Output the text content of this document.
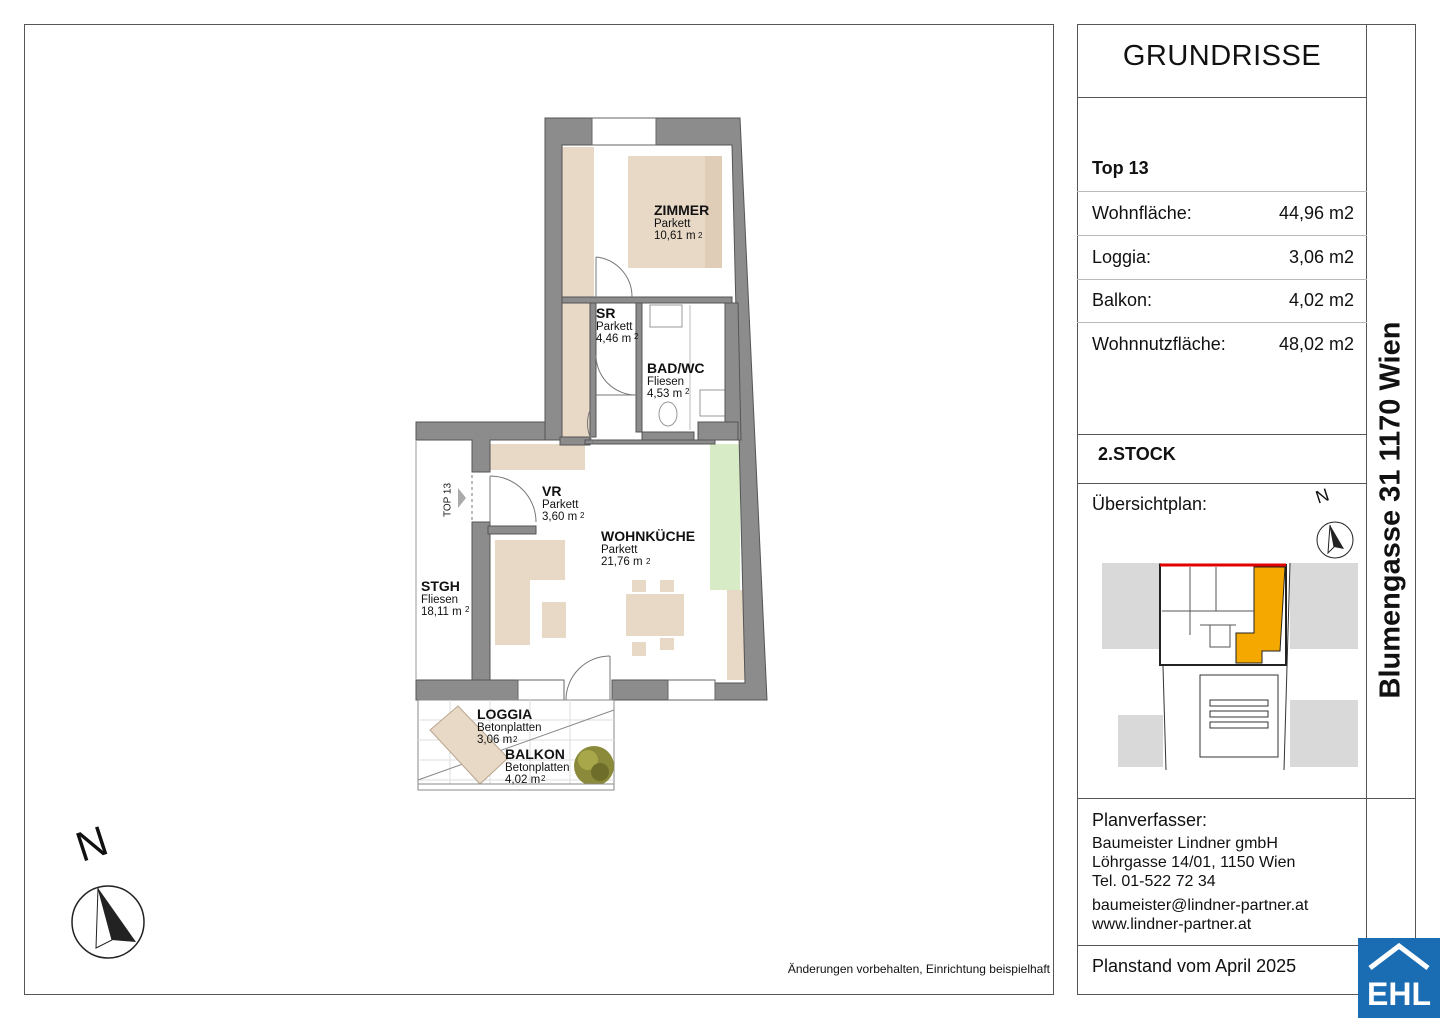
2
2
2
2
2
2
2
2
ZIMMER
Parkett
10,61 m
SR
Parkett
4,46 m
BAD/WC
Fliesen
4,53 m
VR
Parkett
3,60 m
WOHNKÜCHE
Parkett
21,76 m
STGH
Fliesen
18,11 m
LOGGIA
Betonplatten
3,06 m
BALKON
Betonplatten
4,02 m
TOP 13
N
Änderungen vorbehalten, Einrichtung beispielhaft
GRUNDRISSE
Top 13
Wohnfläche:	44,96 m2
Loggia:	3,06 m2
Balkon:	4,02 m2
Wohnnutzfläche:	48,02 m2
2.STOCK
Übersichtplan:	N
Planverfasser:
Baumeister Lindner gmbH
Löhrgasse 14/01, 1150 Wien
Tel. 01-522 72 34
baumeister@lindner-partner.at
www.lindner-partner.at
Planstand vom April 2025
Blumengasse 31 1170 Wien
EHL
